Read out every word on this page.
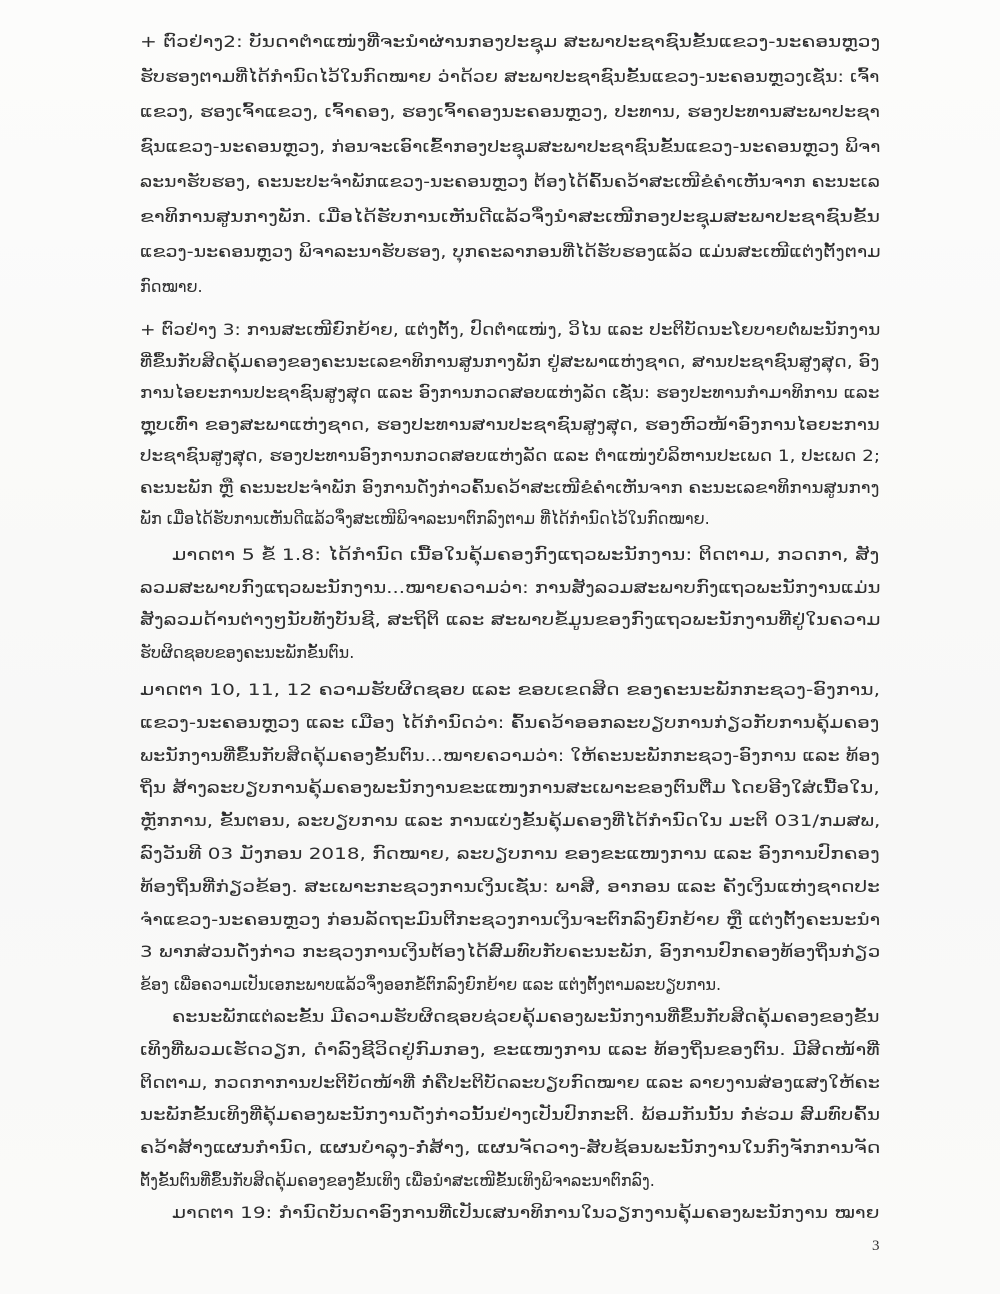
3
+ ຕົວຢ່າງ2: ບັນດາຕຳແໜ່ງທີ່ຈະນຳຜ່ານກອງປະຊຸມ ສະພາປະຊາຊົນຂັ້ນແຂວງ-ນະຄອນຫຼວງ
ຮັບຮອງຕາມທີ່ໄດ້ກຳນົດໄວ້ໃນກົດໝາຍ ວ່າດ້ວຍ ສະພາປະຊາຊົນຂັ້ນແຂວງ-ນະຄອນຫຼວງເຊັ່ນ: ເຈົ້າ
ແຂວງ, ຮອງເຈົ້າແຂວງ, ເຈົ້າຄອງ, ຮອງເຈົ້າຄອງນະຄອນຫຼວງ, ປະທານ, ຮອງປະທານສະພາປະຊາ
ຊົນແຂວງ-ນະຄອນຫຼວງ, ກ່ອນຈະເອົາເຂົ້າກອງປະຊຸມສະພາປະຊາຊົນຂັ້ນແຂວງ-ນະຄອນຫຼວງ ພິຈາ
ລະນາຮັບຮອງ, ຄະນະປະຈຳພັກແຂວງ-ນະຄອນຫຼວງ ຕ້ອງໄດ້ຄົ້ນຄວ້າສະເໜີຂໍຄຳເຫັນຈາກ ຄະນະເລ
ຂາທິການສູນກາງພັກ. ເມື່ອໄດ້ຮັບການເຫັນດີແລ້ວຈຶ່ງນຳສະເໜີກອງປະຊຸມສະພາປະຊາຊົນຂັ້ນ
ແຂວງ-ນະຄອນຫຼວງ ພິຈາລະນາຮັບຮອງ, ບຸກຄະລາກອນທີ່ໄດ້ຮັບຮອງແລ້ວ ແມ່ນສະເໜີແຕ່ງຕັ້ງຕາມ
ກົດໝາຍ.
+ ຕົວຢ່າງ 3: ການສະເໜີຍົກຍ້າຍ, ແຕ່ງຕັ້ງ, ປົດຕຳແໜ່ງ, ວິໄນ ແລະ ປະຕິບັດນະໂຍບາຍຕໍ່ພະນັກງານ
ທີ່ຂຶ້ນກັບສິດຄຸ້ມຄອງຂອງຄະນະເລຂາທິການສູນກາງພັກ ຢູ່ສະພາແຫ່ງຊາດ, ສານປະຊາຊົນສູງສຸດ, ອົງ
ການໄອຍະການປະຊາຊົນສູງສຸດ ແລະ ອົງການກວດສອບແຫ່ງລັດ ເຊັ່ນ: ຮອງປະທານກຳມາທິການ ແລະ
ຫຼຸບເທົ່າ ຂອງສະພາແຫ່ງຊາດ, ຮອງປະທານສານປະຊາຊົນສູງສຸດ, ຮອງຫົວໜ້າອົງການໄອຍະການ
ປະຊາຊົນສູງສຸດ, ຮອງປະທານອົງການກວດສອບແຫ່ງລັດ ແລະ ຕຳແໜ່ງບໍລິຫານປະເພດ 1, ປະເພດ 2;
ຄະນະພັກ ຫຼື ຄະນະປະຈຳພັກ ອົງການດັ່ງກ່າວຄົ້ນຄວ້າສະເໜີຂໍຄຳເຫັນຈາກ ຄະນະເລຂາທິການສູນກາງ
ພັກ ເມື່ອໄດ້ຮັບການເຫັນດີແລ້ວຈຶ່ງສະເໜີພິຈາລະນາຕົກລົງຕາມ ທີ່ໄດ້ກຳນົດໄວ້ໃນກົດໝາຍ.
ມາດຕາ 5 ຂໍ້ 1.8: ໄດ້ກຳນົດ ເນື້ອໃນຄຸ້ມຄອງກົງແຖວພະນັກງານ: ຕິດຕາມ, ກວດກາ, ສັງ
ລວມສະພາບກົງແຖວພະນັກງານ...ໝາຍຄວາມວ່າ: ການສັງລວມສະພາບກົງແຖວພະນັກງານແມ່ນ
ສັງລວມດ້ານຕ່າງໆນັບທັງບັນຊີ, ສະຖິຕິ ແລະ ສະພາບຂໍ້ມູນຂອງກົງແຖວພະນັກງານທີ່ຢູ່ໃນຄວາມ
ຮັບຜິດຊອບຂອງຄະນະພັກຂັ້ນຕົນ.
ມາດຕາ 10, 11, 12 ຄວາມຮັບຜິດຊອບ ແລະ ຂອບເຂດສິດ ຂອງຄະນະພັກກະຊວງ-ອົງການ,
ແຂວງ-ນະຄອນຫຼວງ ແລະ ເມືອງ ໄດ້ກຳນົດວ່າ: ຄົ້ນຄວ້າອອກລະບຽບການກ່ຽວກັບການຄຸ້ມຄອງ
ພະນັກງານທີ່ຂຶ້ນກັບສິດຄຸ້ມຄອງຂັ້ນຕົນ...ໝາຍຄວາມວ່າ: ໃຫ້ຄະນະພັກກະຊວງ-ອົງການ ແລະ ທ້ອງ
ຖິ່ນ ສ້າງລະບຽບການຄຸ້ມຄອງພະນັກງານຂະແໜງການສະເພາະຂອງຕົນຕື່ມ ໂດຍອີງໃສ່ເນື້ອໃນ,
ຫຼັກການ, ຂັ້ນຕອນ, ລະບຽບການ ແລະ ການແບ່ງຂັ້ນຄຸ້ມຄອງທີ່ໄດ້ກຳນົດໃນ ມະຕິ 031/ກມສພ,
ລົງວັນທີ 03 ມັງກອນ 2018, ກົດໝາຍ, ລະບຽບການ ຂອງຂະແໜງການ ແລະ ອົງການປົກຄອງ
ທ້ອງຖິ່ນທີ່ກ່ຽວຂ້ອງ. ສະເພາະກະຊວງການເງິນເຊັ່ນ: ພາສີ, ອາກອນ ແລະ ຄັງເງິນແຫ່ງຊາດປະ
ຈຳແຂວງ-ນະຄອນຫຼວງ ກ່ອນລັດຖະມົນຕີກະຊວງການເງິນຈະຕົກລົງຍົກຍ້າຍ ຫຼື ແຕ່ງຕັ້ງຄະນະນຳ
3 ພາກສ່ວນດັ່ງກ່າວ ກະຊວງການເງິນຕ້ອງໄດ້ສົມທົບກັບຄະນະພັກ, ອົງການປົກຄອງທ້ອງຖິ່ນກ່ຽວ
ຂ້ອງ ເພື່ອຄວາມເປັນເອກະພາບແລ້ວຈຶ່ງອອກຂໍ້ຕົກລົງຍົກຍ້າຍ ແລະ ແຕ່ງຕັ້ງຕາມລະບຽບການ.
ຄະນະພັກແຕ່ລະຂັ້ນ ມີຄວາມຮັບຜິດຊອບຊ່ວຍຄຸ້ມຄອງພະນັກງານທີ່ຂຶ້ນກັບສິດຄຸ້ມຄອງຂອງຂັ້ນ
ເທິງທີ່ພວມເຮັດວຽກ, ດຳລົງຊີວິດຢູ່ກົມກອງ, ຂະແໜງການ ແລະ ທ້ອງຖິ່ນຂອງຕົນ. ມີສິດໜ້າທີ່
ຕິດຕາມ, ກວດກາການປະຕິບັດໜ້າທີ່ ກໍ່ຄືປະຕິບັດລະບຽບກົດໝາຍ ແລະ ລາຍງານສ່ອງແສງໃຫ້ຄະ
ນະພັກຂັ້ນເທິງທີ່ຄຸ້ມຄອງພະນັກງານດັ່ງກ່າວນັ້ນຢ່າງເປັນປົກກະຕິ. ພ້ອມກັນນັ້ນ ກໍ່ຮ່ວມ ສົມທົບຄົ້ນ
ຄວ້າສ້າງແຜນກຳນົດ, ແຜນບຳລຸງ-ກໍ່ສ້າງ, ແຜນຈັດວາງ-ສັບຊ້ອນພະນັກງານໃນກົງຈັກການຈັດ
ຕັ້ງຂັ້ນຕົນທີ່ຂຶ້ນກັບສິດຄຸ້ມຄອງຂອງຂັ້ນເທິງ ເພື່ອນຳສະເໜີຂັ້ນເທິງພິຈາລະນາຕົກລົງ.
ມາດຕາ 19: ກຳນົດບັນດາອົງການທີ່ເປັນເສນາທິການໃນວຽກງານຄຸ້ມຄອງພະນັກງານ ໝາຍ
